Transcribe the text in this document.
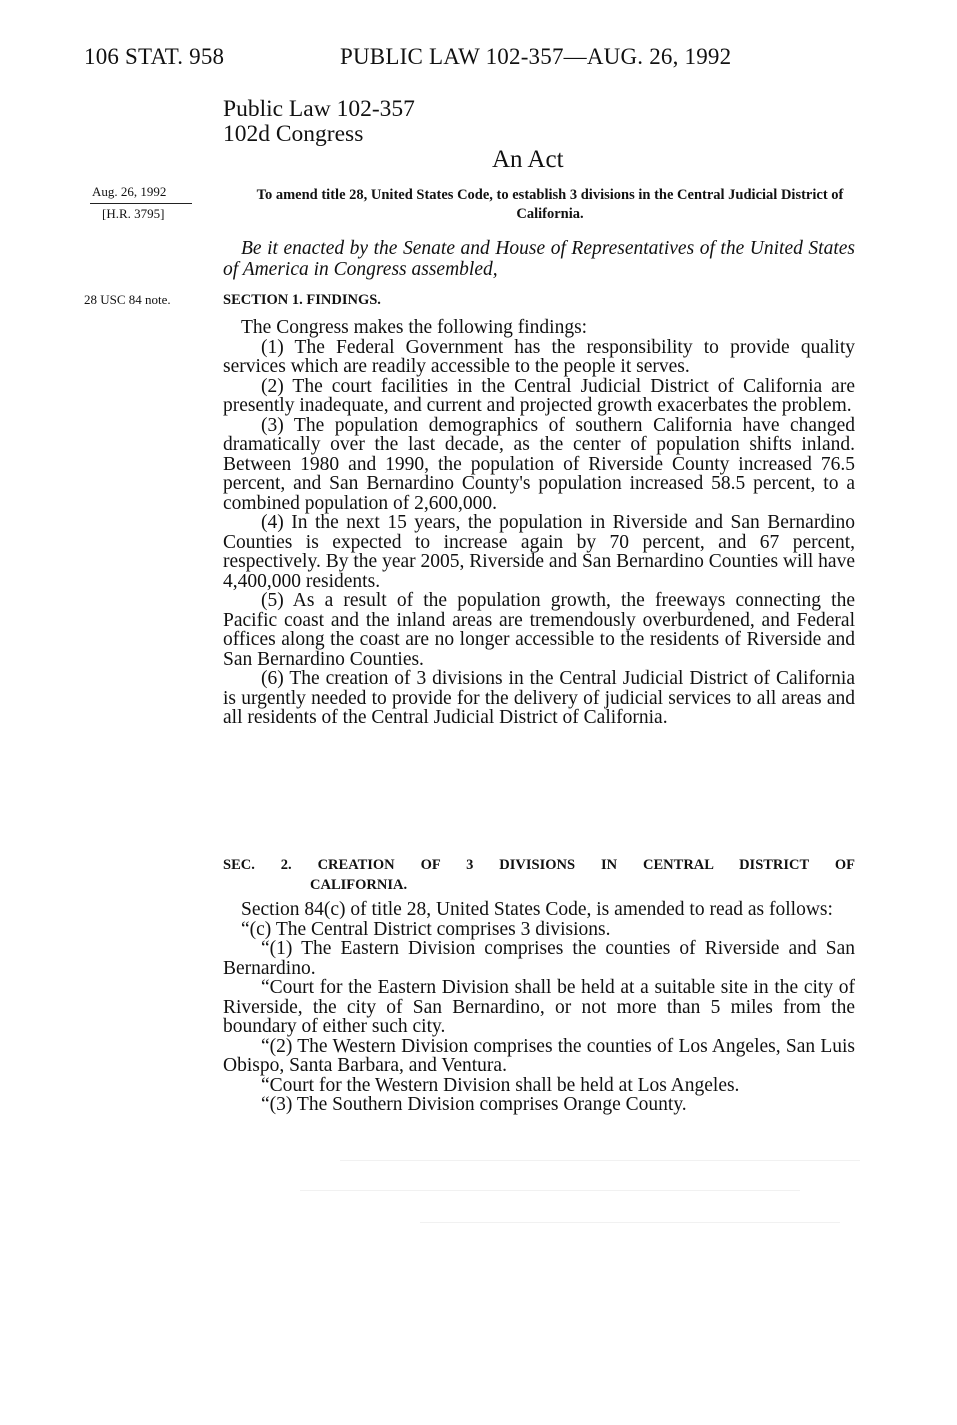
106 STAT. 958	PUBLIC LAW 102-357—AUG. 26, 1992
Public Law 102-357
102d Congress
An Act
Aug. 26, 1992
[H.R. 3795]
28 USC 84 note.
To amend title 28, United States Code, to establish 3 divisions in the Central Judicial District of California.
Be it enacted by the Senate and House of Representatives of the United States of America in Congress assembled,
SECTION 1. FINDINGS.

The Congress makes the following findings:

(1) The Federal Government has the responsibility to provide quality services which are readily accessible to the people it serves.

(2) The court facilities in the Central Judicial District of California are presently inadequate, and current and projected growth exacerbates the problem.

(3) The population demographics of southern California have changed dramatically over the last decade, as the center of population shifts inland. Between 1980 and 1990, the population of Riverside County increased 76.5 percent, and San Bernardino County's population increased 58.5 percent, to a combined population of 2,600,000.

(4) In the next 15 years, the population in Riverside and San Bernardino Counties is expected to increase again by 70 percent, and 67 percent, respectively. By the year 2005, Riverside and San Bernardino Counties will have 4,400,000 residents.

(5) As a result of the population growth, the freeways connecting the Pacific coast and the inland areas are tremendously overburdened, and Federal offices along the coast are no longer accessible to the residents of Riverside and San Bernardino Counties.

(6) The creation of 3 divisions in the Central Judicial District of California is urgently needed to provide for the delivery of judicial services to all areas and all residents of the Central Judicial District of California.

SEC. 2. CREATION OF 3 DIVISIONS IN CENTRAL DISTRICT OF
CALIFORNIA.

Section 84(c) of title 28, United States Code, is amended to read as follows:

“(c) The Central District comprises 3 divisions.

“(1) The Eastern Division comprises the counties of Riverside and San Bernardino.

“Court for the Eastern Division shall be held at a suitable site in the city of Riverside, the city of San Bernardino, or not more than 5 miles from the boundary of either such city.

“(2) The Western Division comprises the counties of Los Angeles, San Luis Obispo, Santa Barbara, and Ventura.

“Court for the Western Division shall be held at Los Angeles.

“(3) The Southern Division comprises Orange County.
